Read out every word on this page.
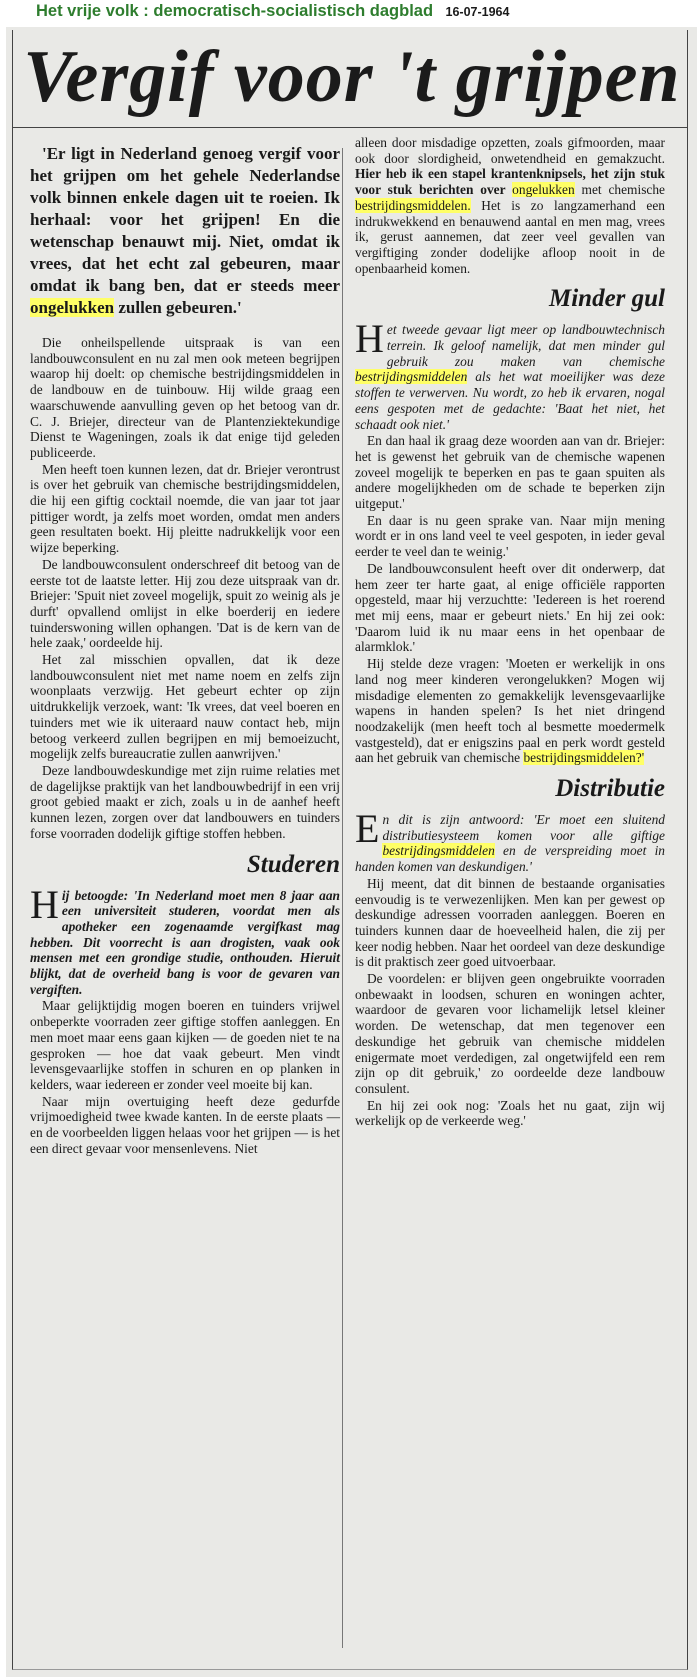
Het vrije volk : democratisch-socialistisch dagblad 16-07-1964
Vergif voor 't grijpen
'Er ligt in Nederland genoeg vergif voor het grijpen om het gehele Nederlandse volk binnen enkele dagen uit te roeien. Ik herhaal: voor het grijpen! En die wetenschap benauwt mij. Niet, omdat ik vrees, dat het echt zal gebeuren, maar omdat ik bang ben, dat er steeds meer ongelukken zullen gebeuren.'

Die onheilspellende uitspraak is van een landbouwconsulent en nu zal men ook meteen begrijpen waarop hij doelt: op chemische bestrijdingsmiddelen in de landbouw en de tuinbouw. Hij wilde graag een waarschuwende aanvulling geven op het betoog van dr. C. J. Briejer, directeur van de Plantenziektekundige Dienst te Wageningen, zoals ik dat enige tijd geleden publiceerde.

Men heeft toen kunnen lezen, dat dr. Briejer verontrust is over het gebruik van chemische bestrijdingsmiddelen, die hij een giftig cocktail noemde, die van jaar tot jaar pittiger wordt, ja zelfs moet worden, omdat men anders geen resultaten boekt. Hij pleitte nadrukkelijk voor een wijze beperking.

De landbouwconsulent onderschreef dit betoog van de eerste tot de laatste letter. Hij zou deze uitspraak van dr. Briejer: 'Spuit niet zoveel mogelijk, spuit zo weinig als je durft' opvallend omlijst in elke boerderij en iedere tuinderswoning willen ophangen. 'Dat is de kern van de hele zaak,' oordeelde hij.

Het zal misschien opvallen, dat ik deze landbouwconsulent niet met name noem en zelfs zijn woonplaats verzwijg. Het gebeurt echter op zijn uitdrukkelijk verzoek, want: 'Ik vrees, dat veel boeren en tuinders met wie ik uiteraard nauw contact heb, mijn betoog verkeerd zullen begrijpen en mij bemoeizucht, mogelijk zelfs bureaucratie zullen aanwrijven.'

Deze landbouwdeskundige met zijn ruime relaties met de dagelijkse praktijk van het landbouwbedrijf in een vrij groot gebied maakt er zich, zoals u in de aanhef heeft kunnen lezen, zorgen over dat landbouwers en tuinders forse voorraden dodelijk giftige stoffen hebben.

Studeren

Hij betoogde: 'In Nederland moet men 8 jaar aan een universiteit studeren, voordat men als apotheker een zogenaamde vergifkast mag hebben. Dit voorrecht is aan drogisten, vaak ook mensen met een grondige studie, onthouden. Hieruit blijkt, dat de overheid bang is voor de gevaren van vergiften.

Maar gelijktijdig mogen boeren en tuinders vrijwel onbeperkte voorraden zeer giftige stoffen aanleggen. En men moet maar eens gaan kijken — de goeden niet te na gesproken — hoe dat vaak gebeurt. Men vindt levensgevaarlijke stoffen in schuren en op planken in kelders, waar iedereen er zonder veel moeite bij kan.

Naar mijn overtuiging heeft deze gedurfde vrijmoedigheid twee kwade kanten. In de eerste plaats — en de voorbeelden liggen helaas voor het grijpen — is het een direct gevaar voor mensenlevens. Niet

alleen door misdadige opzetten, zoals gifmoorden, maar ook door slordigheid, onwetendheid en gemakzucht. Hier heb ik een stapel krantenknipsels, het zijn stuk voor stuk berichten over ongelukken met chemische bestrijdingsmiddelen. Het is zo langzamerhand een indrukwekkend en benauwend aantal en men mag, vrees ik, gerust aannemen, dat zeer veel gevallen van vergiftiging zonder dodelijke afloop nooit in de openbaarheid komen.

Minder gul

Het tweede gevaar ligt meer op landbouwtechnisch terrein. Ik geloof namelijk, dat men minder gul gebruik zou maken van chemische bestrijdingsmiddelen als het wat moeilijker was deze stoffen te verwerven. Nu wordt, zo heb ik ervaren, nogal eens gespoten met de gedachte: 'Baat het niet, het schaadt ook niet.'

En dan haal ik graag deze woorden aan van dr. Briejer: het is gewenst het gebruik van de chemische wapenen zoveel mogelijk te beperken en pas te gaan spuiten als andere mogelijkheden om de schade te beperken zijn uitgeput.'

En daar is nu geen sprake van. Naar mijn mening wordt er in ons land veel te veel gespoten, in ieder geval eerder te veel dan te weinig.'

De landbouwconsulent heeft over dit onderwerp, dat hem zeer ter harte gaat, al enige officiële rapporten opgesteld, maar hij verzuchtte: 'Iedereen is het roerend met mij eens, maar er gebeurt niets.' En hij zei ook: 'Daarom luid ik nu maar eens in het openbaar de alarmklok.'

Hij stelde deze vragen: 'Moeten er werkelijk in ons land nog meer kinderen verongelukken? Mogen wij misdadige elementen zo gemakkelijk levensgevaarlijke wapens in handen spelen? Is het niet dringend noodzakelijk (men heeft toch al besmette moedermelk vastgesteld), dat er enigszins paal en perk wordt gesteld aan het gebruik van chemische bestrijdingsmiddelen?'

Distributie

En dit is zijn antwoord: 'Er moet een sluitend distributiesysteem komen voor alle giftige bestrijdingsmiddelen en de verspreiding moet in handen komen van deskundigen.'

Hij meent, dat dit binnen de bestaande organisaties eenvoudig is te verwezenlijken. Men kan per gewest op deskundige adressen voorraden aanleggen. Boeren en tuinders kunnen daar de hoeveelheid halen, die zij per keer nodig hebben. Naar het oordeel van deze deskundige is dit praktisch zeer goed uitvoerbaar.

De voordelen: er blijven geen ongebruikte voorraden onbewaakt in loodsen, schuren en woningen achter, waardoor de gevaren voor lichamelijk letsel kleiner worden. De wetenschap, dat men tegenover een deskundige het gebruik van chemische middelen enigermate moet verdedigen, zal ongetwijfeld een rem zijn op dit gebruik,' zo oordeelde deze landbouw consulent.

En hij zei ook nog: 'Zoals het nu gaat, zijn wij werkelijk op de verkeerde weg.'
